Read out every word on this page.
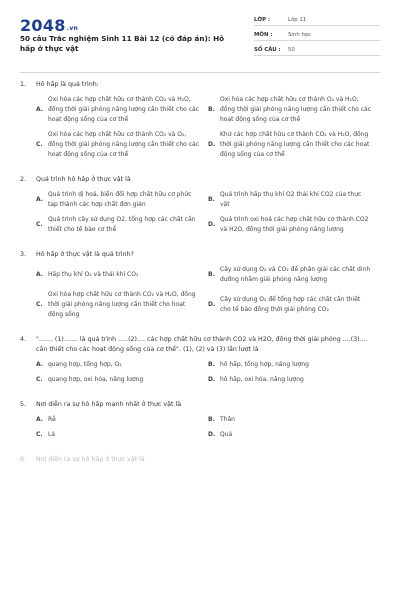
2048.vn
50 câu Trắc nghiệm Sinh 11 Bài 12 (có đáp án): Hô hấp ở thực vật
LỚP :	Lớp 11
MÔN :	Sinh học
SỐ CÂU :	50
1.	Hô hấp là quá trình:
A.
Oxi hóa các hợp chất hữu cơ thành CO₂ và H₂O, đồng thời giải phóng năng lượng cần thiết cho các hoạt động sống của cơ thể
B.
Oxi hóa các hợp chất hữu cơ thành O₂ và H₂O, đồng thời giải phóng năng lượng cần thiết cho các hoạt động sống của cơ thể
C.
Oxi hóa các hợp chất hữu cơ thành CO₂ và O₂, đồng thời giải phóng năng lượng cần thiết cho các hoạt động sống của cơ thể
D.
Khử các hợp chất hữu cơ thành CO₂ và H₂O, đồng thời giải phóng năng lượng cần thiết cho các hoạt động sống của cơ thể
2.	Quá trình hô hấp ở thực vật là
A.
Quá trình dị hoá, biến đổi hợp chất hữu cơ phức tạp thành các hợp chất đơn giản
B.
Quá trình hấp thụ khí O2 thải khí CO2 của thực vật
C.
Quá trình cây sử dụng O2, tổng hợp các chất cần thiết cho tế bào cơ thể
D.
Quá trình oxi hoá các hợp chất hữu cơ thành CO2 và H2O, đồng thời giải phóng năng lượng
3.	Hô hấp ở thực vật là quá trình?
A. Hấp thụ khí O₂ và thải khí CO₂	B.
Cây sử dụng O₂ và CO₂ để phân giải các chất dinh dưỡng nhằm giải phóng năng lượng
C.
Oxi hóa hợp chất hữu cơ thành CO₂ và H₂O, đồng thời giải phóng năng lượng cần thiết cho hoạt động sống
D.
Cây sử dụng O₂ để tổng hợp các chất cần thiết cho tế bào đồng thời giải phóng CO₂
4.	"....... (1)....... là quá trình .....(2).... các hợp chất hữu cơ thành CO2 và H2O, đồng thời giải phóng ....(3).... cần thiết cho các hoạt động sống của cơ thể". (1), (2) và (3) lần lượt là
A. quang hợp, tổng hợp, O₂	B. hô hấp, tổng hợp, năng lượng
C. quang hợp, oxi hóa, năng lượng	D. hô hấp, oxi hóa, năng lượng
5.	Nơi diễn ra sự hô hấp mạnh nhất ở thực vật là
A. Rễ	B. Thân
C. Lá	D. Quả
6.	Nơi diễn ra sự hô hấp ở thực vật là
